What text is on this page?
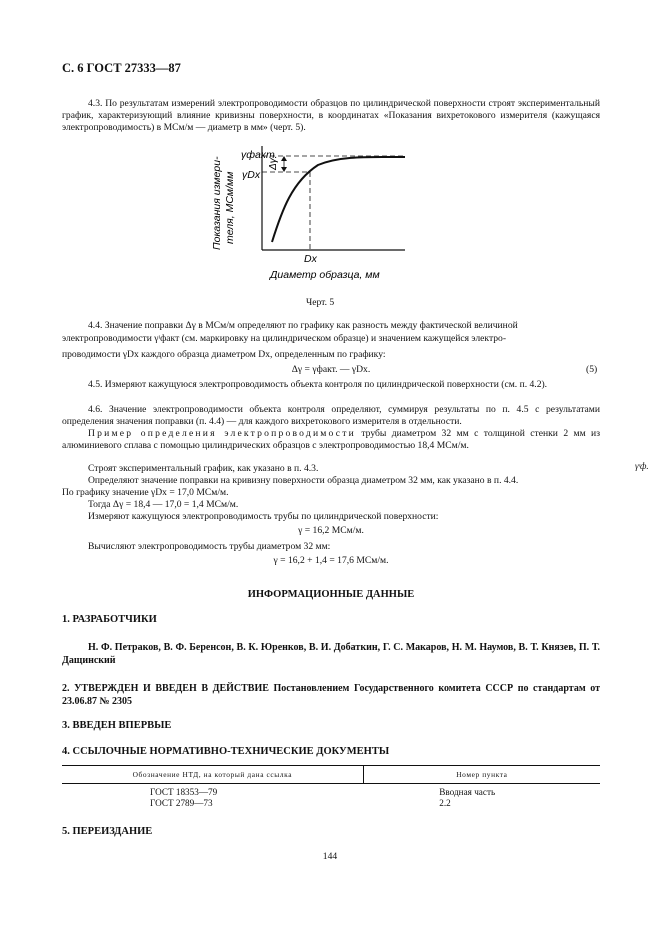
С. 6 ГОСТ 27333—87
4.3. По результатам измерений электропроводимости образцов по цилиндрической поверхности строят экспериментальный график, характеризующий влияние кривизны поверхности, в координатах «Показания вихретокового измерителя (кажущаяся электропроводимость) в МСм/м — диаметр в мм» (черт. 5).
γфакт.
Δγ
γDx
Dx
Диаметр образца, мм
Показания измери- теля, МСм/мм
Черт. 5
4.4. Значение поправки Δγ в МСм/м определяют по графику как разность между фактической величиной
электропроводимости γᶦфакт (см. маркировку на цилиндрическом образце) и значением кажущейся электро-
проводимости γDx каждого образца диаметром Dx, определенным по графику:
Δγ = γфакт. — γDx.	(5)
4.5. Измеряют кажущуюся электропроводимость объекта контроля по цилиндрической поверхности (см. п. 4.2).
4.6. Значение электропроводимости объекта контроля определяют, суммируя результаты по п. 4.5 с результатами определения значения поправки (п. 4.4) — для каждого вихретокового измерителя в отдельности.
Пример определения электропроводимости трубы диаметром 32 мм с толщиной стенки 2 мм из алюминиевого сплава с помощью цилиндрических образцов с электропроводимостью 18,4 МСм/м.
Строят экспериментальный график, как указано в п. 4.3.
Определяют значение поправки на кривизну поверхности образца диаметром 32 мм, как указано в п. 4.4.
По графику значение γDx = 17,0 МСм/м.
Тогда Δγ = 18,4 — 17,0 = 1,4 МСм/м.
Измеряют кажущуюся электропроводимость трубы по цилиндрической поверхности:
γ = 16,2 МСм/м.
Вычисляют электропроводимость трубы диаметром 32 мм:
γ = 16,2 + 1,4 = 17,6 МСм/м.
ИНФОРМАЦИОННЫЕ ДАННЫЕ
1. РАЗРАБОТЧИКИ
Н. Ф. Петраков, В. Ф. Беренсон, В. К. Юренков, В. И. Добаткин, Г. С. Макаров, Н. М. Наумов, В. Т. Князев, П. Т. Дащинский
2. УТВЕРЖДЕН И ВВЕДЕН В ДЕЙСТВИЕ Постановлением Государственного комитета СССР по стандартам от 23.06.87 № 2305
3. ВВЕДЕН ВПЕРВЫЕ
4. ССЫЛОЧНЫЕ НОРМАТИВНО-ТЕХНИЧЕСКИЕ ДОКУМЕНТЫ
Обозначение НТД, на который дана ссылка	Номер пункта
ГОСТ 18353—79	Вводная часть
ГОСТ 2789—73	2.2
5. ПЕРЕИЗДАНИЕ
144
γᶦф.
